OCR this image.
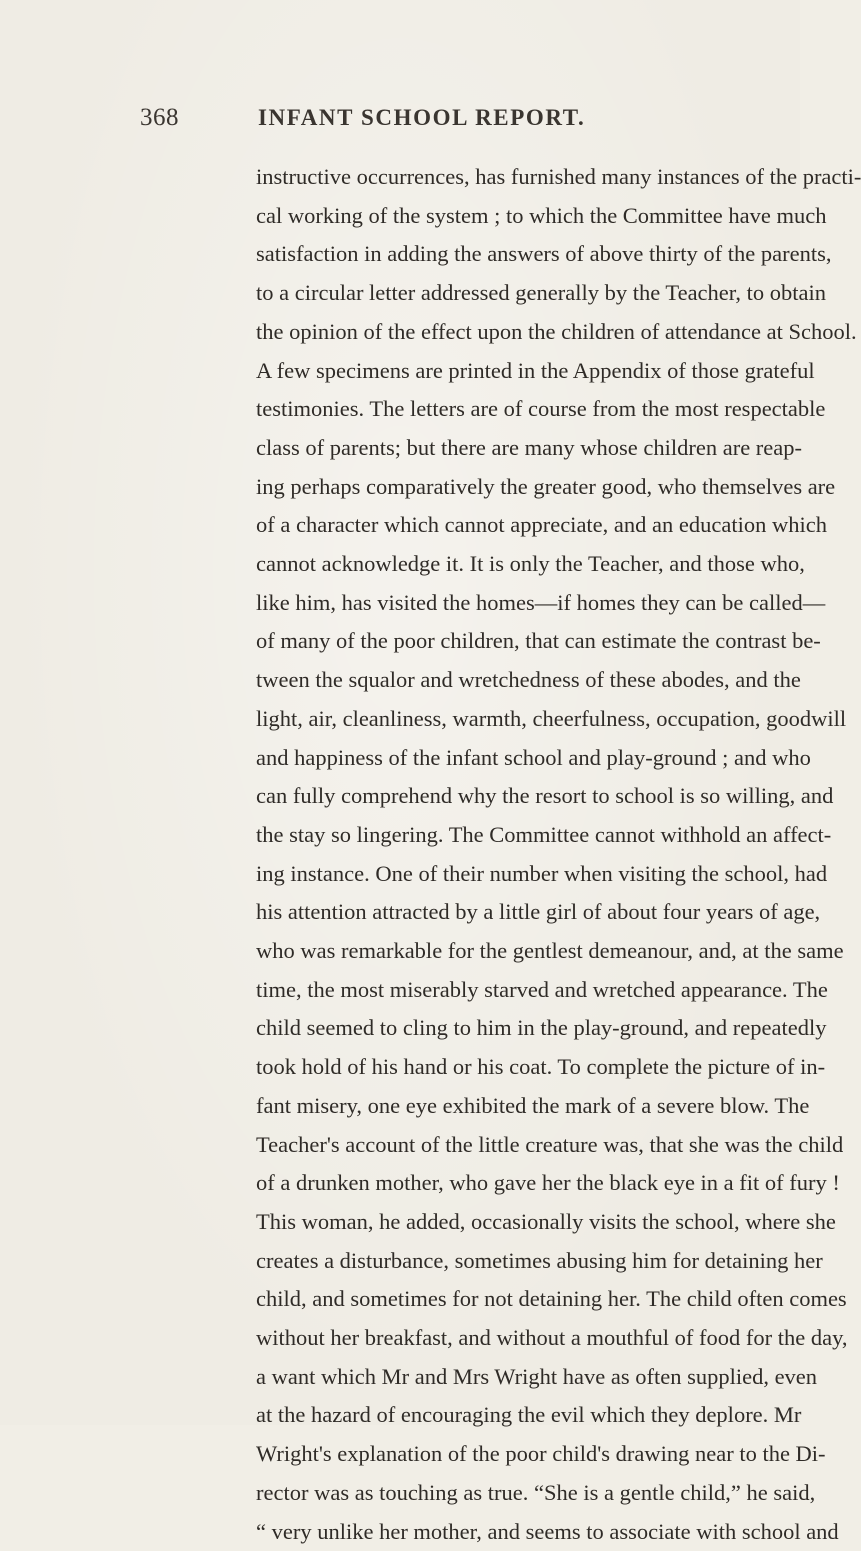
368	INFANT SCHOOL REPORT.
instructive occurrences, has furnished many instances of the practi-
cal working of the system ; to which the Committee have much
satisfaction in adding the answers of above thirty of the parents,
to a circular letter addressed generally by the Teacher, to obtain
the opinion of the effect upon the children of attendance at School.
A few specimens are printed in the Appendix of those grateful
testimonies. The letters are of course from the most respectable
class of parents; but there are many whose children are reap-
ing perhaps comparatively the greater good, who themselves are
of a character which cannot appreciate, and an education which
cannot acknowledge it. It is only the Teacher, and those who,
like him, has visited the homes—if homes they can be called—
of many of the poor children, that can estimate the contrast be-
tween the squalor and wretchedness of these abodes, and the
light, air, cleanliness, warmth, cheerfulness, occupation, goodwill
and happiness of the infant school and play-ground ; and who
can fully comprehend why the resort to school is so willing, and
the stay so lingering. The Committee cannot withhold an affect-
ing instance. One of their number when visiting the school, had
his attention attracted by a little girl of about four years of age,
who was remarkable for the gentlest demeanour, and, at the same
time, the most miserably starved and wretched appearance. The
child seemed to cling to him in the play-ground, and repeatedly
took hold of his hand or his coat. To complete the picture of in-
fant misery, one eye exhibited the mark of a severe blow. The
Teacher's account of the little creature was, that she was the child
of a drunken mother, who gave her the black eye in a fit of fury !
This woman, he added, occasionally visits the school, where she
creates a disturbance, sometimes abusing him for detaining her
child, and sometimes for not detaining her. The child often comes
without her breakfast, and without a mouthful of food for the day,
a want which Mr and Mrs Wright have as often supplied, even
at the hazard of encouraging the evil which they deplore. Mr
Wright's explanation of the poor child's drawing near to the Di-
rector was as touching as true. “She is a gentle child,” he said,
“ very unlike her mother, and seems to associate with school and
